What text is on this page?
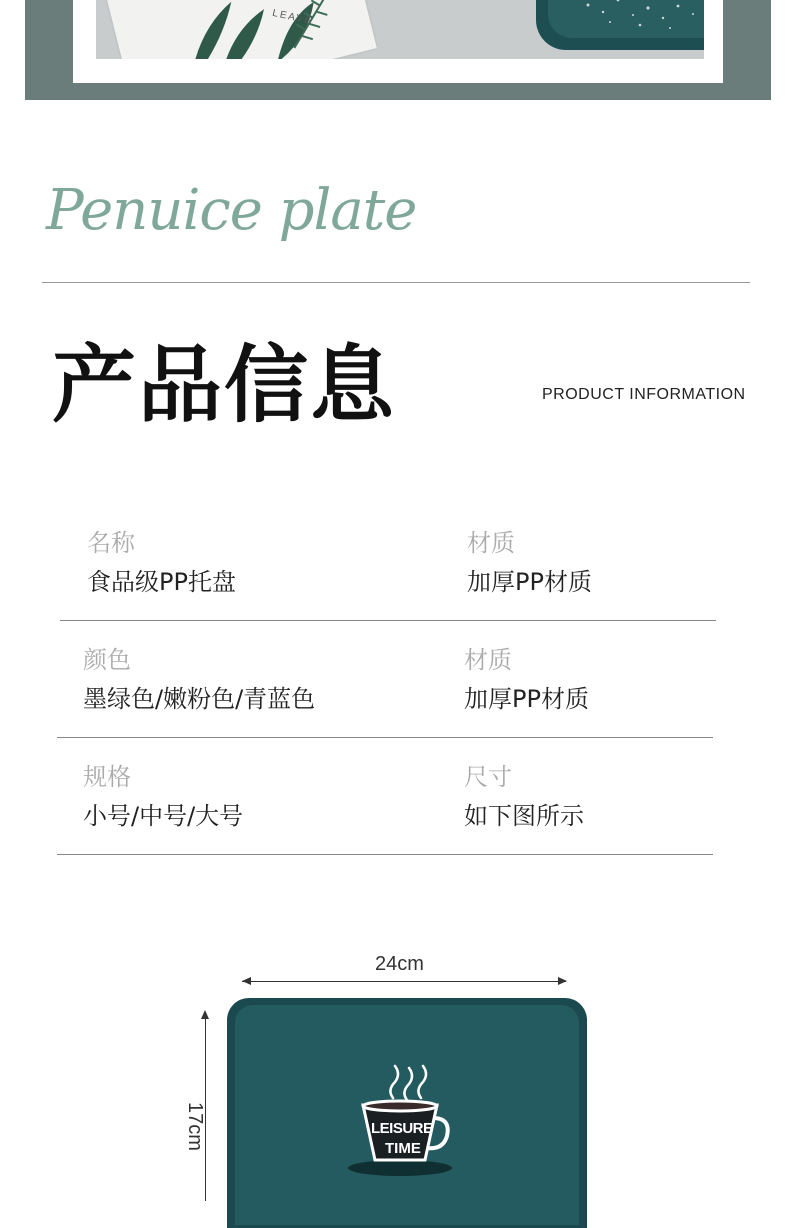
LEAVE
Penuice plate
产品信息	PRODUCT INFORMATION
名称
食品级PP托盘
材质
加厚PP材质
颜色
墨绿色/嫩粉色/青蓝色
材质
加厚PP材质
规格
小号/中号/大号
尺寸
如下图所示
24cm
17cm	LEISURE
TIME
